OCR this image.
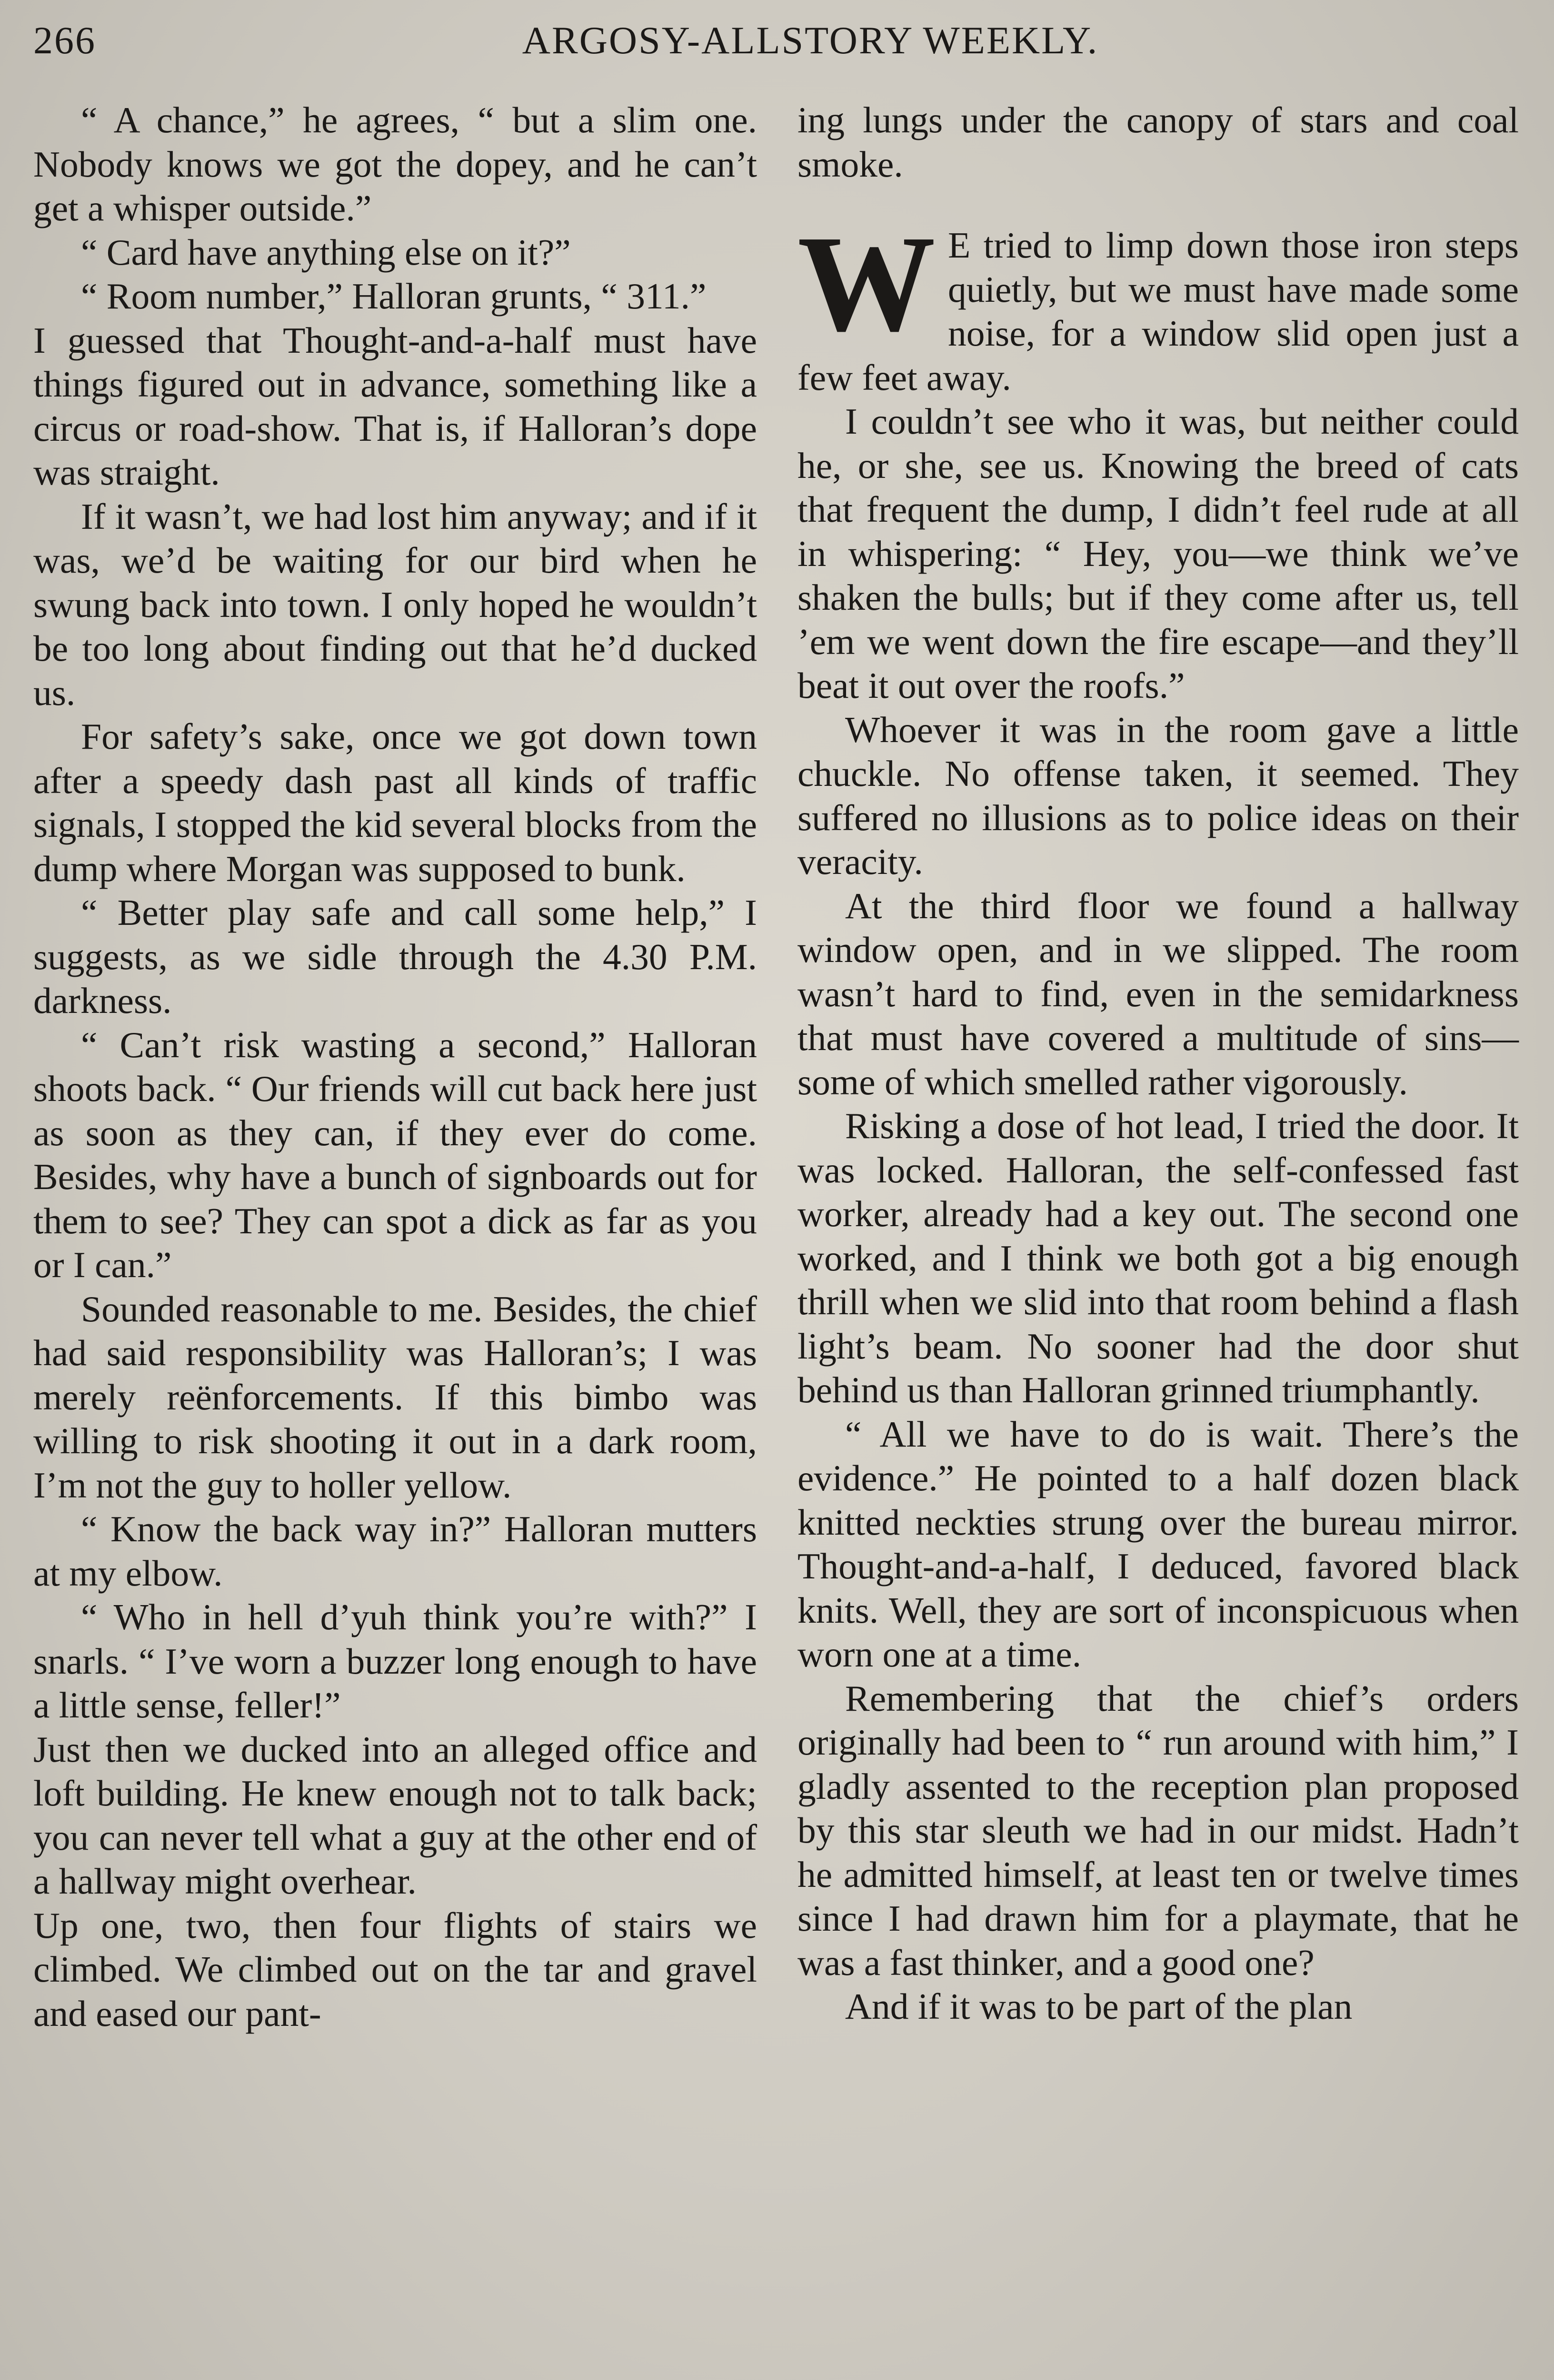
266	ARGOSY-ALLSTORY WEEKLY.

“ A chance,” he agrees, “ but a slim one. Nobody knows we got the dopey, and he can’t get a whisper outside.”

“ Card have anything else on it?”

“ Room number,” Halloran grunts, “ 311.”

I guessed that Thought-and-a-half must have things figured out in advance, something like a circus or road-show. That is, if Halloran’s dope was straight.

If it wasn’t, we had lost him anyway; and if it was, we’d be waiting for our bird when he swung back into town. I only hoped he wouldn’t be too long about finding out that he’d ducked us.

For safety’s sake, once we got down town after a speedy dash past all kinds of traffic signals, I stopped the kid several blocks from the dump where Morgan was supposed to bunk.

“ Better play safe and call some help,” I suggests, as we sidle through the 4.30 P.M. darkness.

“ Can’t risk wasting a second,” Halloran shoots back. “ Our friends will cut back here just as soon as they can, if they ever do come. Besides, why have a bunch of signboards out for them to see? They can spot a dick as far as you or I can.”

Sounded reasonable to me. Besides, the chief had said responsibility was Halloran’s; I was merely reënforcements. If this bimbo was willing to risk shooting it out in a dark room, I’m not the guy to holler yellow.

“ Know the back way in?” Halloran mutters at my elbow.

“ Who in hell d’yuh think you’re with?” I snarls. “ I’ve worn a buzzer long enough to have a little sense, feller!”

Just then we ducked into an alleged office and loft building. He knew enough not to talk back; you can never tell what a guy at the other end of a hallway might overhear.

Up one, two, then four flights of stairs we climbed. We climbed out on the tar and gravel and eased our pant-

ing lungs under the canopy of stars and coal smoke.

W E tried to limp down those iron steps quietly, but we must have made some noise, for a window slid open just a few feet away.

I couldn’t see who it was, but neither could he, or she, see us. Knowing the breed of cats that frequent the dump, I didn’t feel rude at all in whispering: “ Hey, you—we think we’ve shaken the bulls; but if they come after us, tell ’em we went down the fire escape—and they’ll beat it out over the roofs.”

Whoever it was in the room gave a little chuckle. No offense taken, it seemed. They suffered no illusions as to police ideas on their veracity.

At the third floor we found a hallway window open, and in we slipped. The room wasn’t hard to find, even in the semidarkness that must have covered a multitude of sins—some of which smelled rather vigorously.

Risking a dose of hot lead, I tried the door. It was locked. Halloran, the self-confessed fast worker, already had a key out. The second one worked, and I think we both got a big enough thrill when we slid into that room behind a flash light’s beam. No sooner had the door shut behind us than Halloran grinned triumphantly.

“ All we have to do is wait. There’s the evidence.” He pointed to a half dozen black knitted neckties strung over the bureau mirror. Thought-and-a-half, I deduced, favored black knits. Well, they are sort of inconspicuous when worn one at a time.

Remembering that the chief’s orders originally had been to “ run around with him,” I gladly assented to the reception plan proposed by this star sleuth we had in our midst. Hadn’t he admitted himself, at least ten or twelve times since I had drawn him for a playmate, that he was a fast thinker, and a good one?

And if it was to be part of the plan
